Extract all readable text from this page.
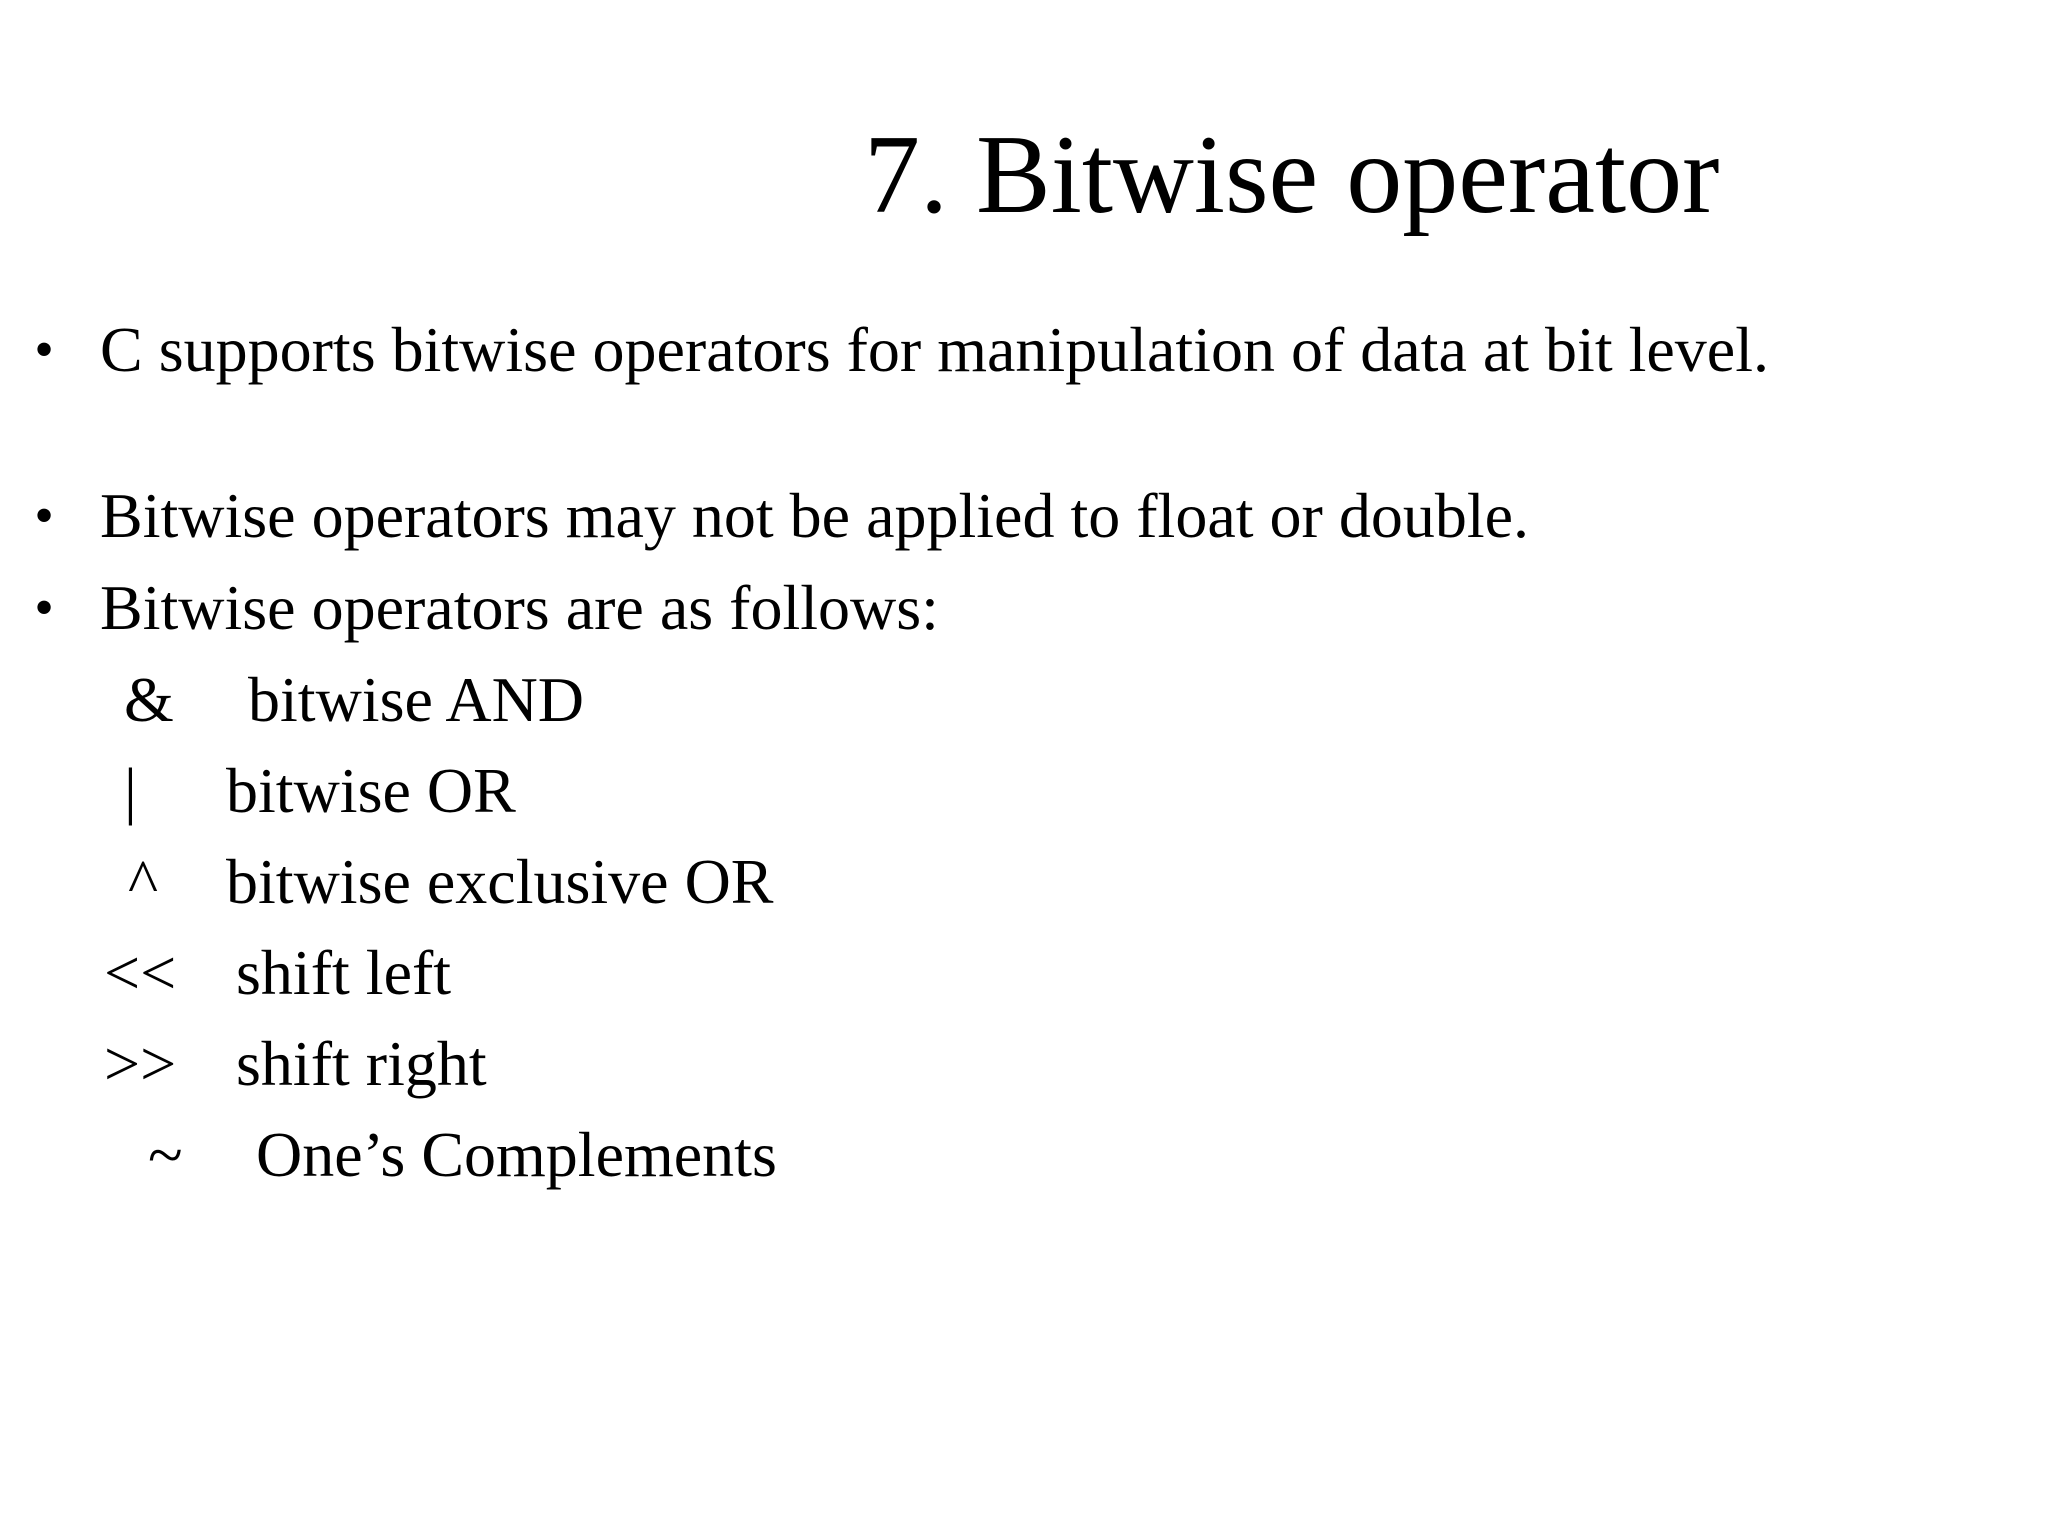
7. Bitwise operator
• C supports bitwise operators for manipulation of data at bit level.
• Bitwise operators may not be applied to float or double.
• Bitwise operators are as follows:
& bitwise AND
| bitwise OR
^ bitwise exclusive OR
<< shift left
>> shift right
~ One’s Complements
